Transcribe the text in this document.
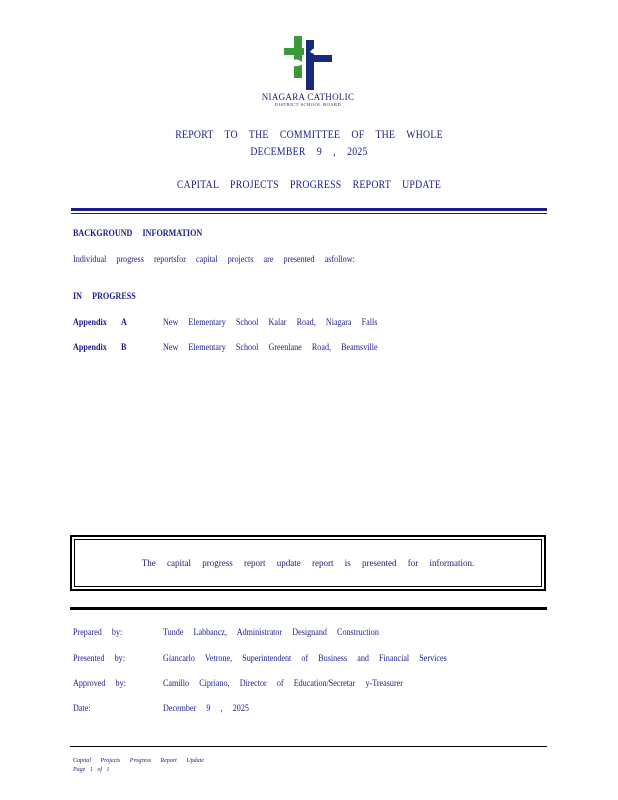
NIAGARA CATHOLIC
DISTRICT SCHOOL BOARD
REPORT TO THE COMMITTEE OF THE WHOLE
DECEMBER 9 , 2025
CAPITAL PROJECTS PROGRESS REPORT UPDATE
BACKGROUND INFORMATION
Individual progress reportsfor capital projects are presented asfollow:
IN PROGRESS
Appendix A	New Elementary School Kalar Road, Niagara Falls
Appendix B	New Elementary School Greenlane Road, Beamsville
The capital progress report update report is presented for information.
Prepared by:	Tunde Labbancz, Administrator Designand Construction
Presented by:	Giancarlo Vetrone, Superintendent of Business and Financial Services
Approved by:	Camillo Cipriano, Director of Education/Secretar y-Treasurer
Date:	December 9 , 2025
Capital Projects Progress Report Update
Page 1 of 1
